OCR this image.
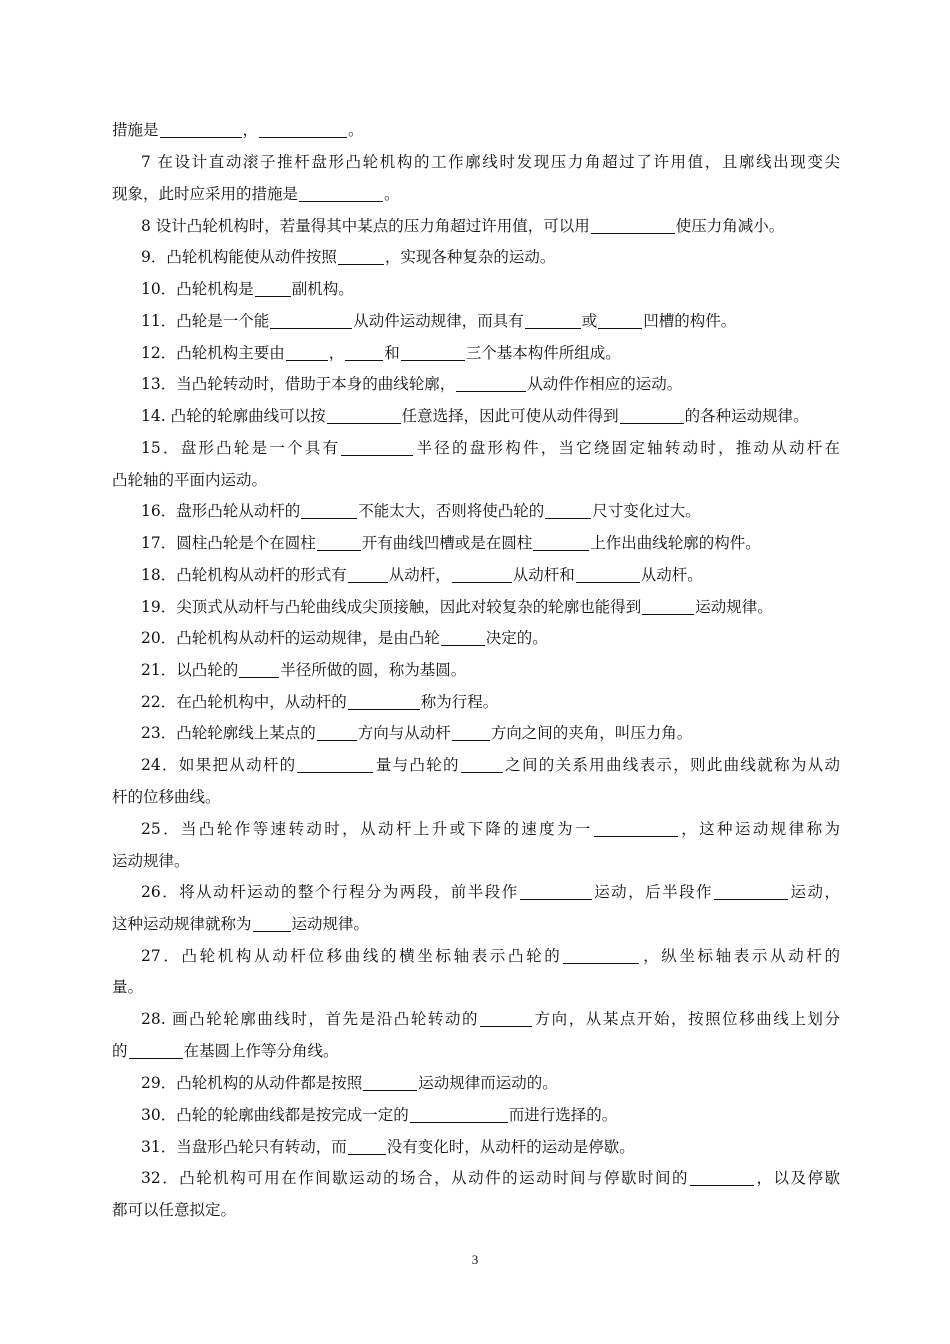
措施是	，	。
7 在设计直动滚子推杆盘形凸轮机构的工作廓线时发现压力角超过了许用值，且廓线出现变尖
现象，此时应采用的措施是	。
8 设计凸轮机构时，若量得其中某点的压力角超过许用值，可以用	使压力角减小。
9．凸轮机构能使从动件按照	，实现各种复杂的运动。
10．凸轮机构是 副机构。
11．凸轮是一个能	从动件运动规律，而具有	或	凹槽的构件。
12．凸轮机构主要由	，	和	三个基本构件所组成。
13．当凸轮转动时，借助于本身的曲线轮廓，	从动件作相应的运动。
14. 凸轮的轮廓曲线可以按	任意选择，因此可使从动件得到	的各种运动规律。
15．盘形凸轮是一个具有	半径的盘形构件，当它绕固定轴转动时，推动从动杆在
凸轮轴的平面内运动。
16．盘形凸轮从动杆的	不能太大，否则将使凸轮的	尺寸变化过大。
17．圆柱凸轮是个在圆柱	开有曲线凹槽或是在圆柱	上作出曲线轮廓的构件。
18．凸轮机构从动杆的形式有	从动杆，	从动杆和	从动杆。
19．尖顶式从动杆与凸轮曲线成尖顶接触，因此对较复杂的轮廓也能得到	运动规律。
20．凸轮机构从动杆的运动规律，是由凸轮	决定的。
21．以凸轮的	半径所做的圆，称为基圆。
22．在凸轮机构中，从动杆的	称为行程。
23．凸轮轮廓线上某点的	方向与从动杆	方向之间的夹角，叫压力角。
24．如果把从动杆的	量与凸轮的	之间的关系用曲线表示，则此曲线就称为从动
杆的位移曲线。
25．当凸轮作等速转动时，从动杆上升或下降的速度为一	，这种运动规律称为
运动规律。
26．将从动杆运动的整个行程分为两段，前半段作	运动，后半段作	运动，
这种运动规律就称为	运动规律。
27．凸轮机构从动杆位移曲线的横坐标轴表示凸轮的	，纵坐标轴表示从动杆的
量。
28. 画凸轮轮廓曲线时，首先是沿凸轮转动的	方向，从某点开始，按照位移曲线上划分
的	在基圆上作等分角线。
29．凸轮机构的从动件都是按照	运动规律而运动的。
30．凸轮的轮廓曲线都是按完成一定的	而进行选择的。
31．当盘形凸轮只有转动，而	没有变化时，从动杆的运动是停歇。
32．凸轮机构可用在作间歇运动的场合，从动件的运动时间与停歇时间的	，以及停歇
都可以任意拟定。
3
